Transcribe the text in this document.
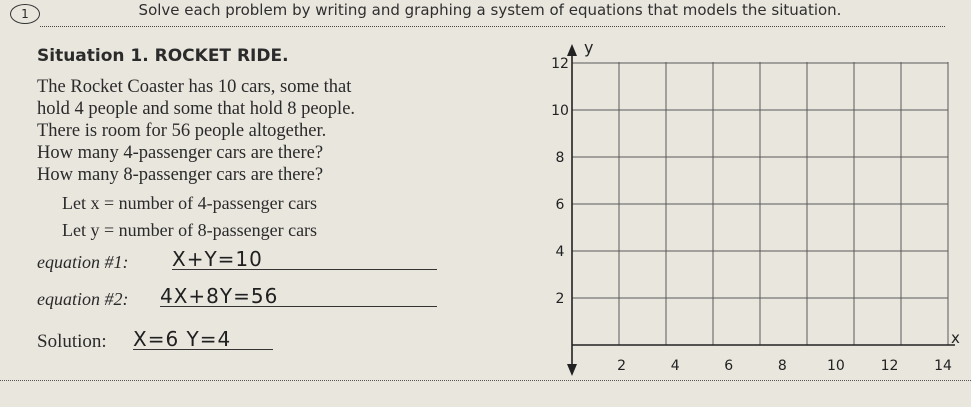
1	Solve each problem by writing and graphing a system of equations that models the situation.
Situation 1. ROCKET RIDE.
The Rocket Coaster has 10 cars, some that
hold 4 people and some that hold 8 people.
There is room for 56 people altogether.
How many 4-passenger cars are there?
How many 8-passenger cars are there?
Let x = number of 4-passenger cars
Let y = number of 8-passenger cars
equation #1: X+Y=10
equation #2: 4X+8Y=56
Solution: X=6 Y=4
y
x
2	4	6	8	10	12	14
2
4
6
8
10
12
